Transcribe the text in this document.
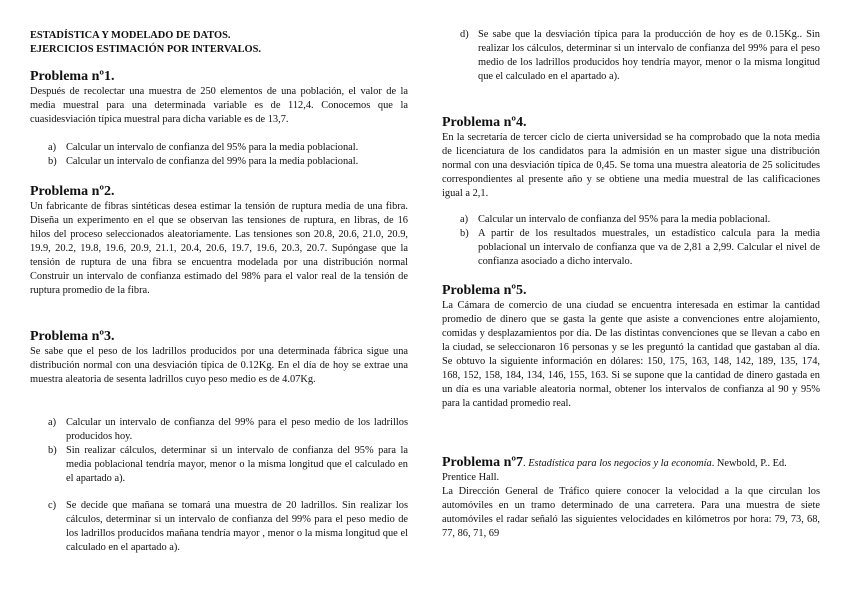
ESTADÍSTICA Y MODELADO DE DATOS.
EJERCICIOS ESTIMACIÓN POR INTERVALOS.
Problema nº1.

Después de recolectar una muestra de 250 elementos de una población, el valor de la media muestral para una determinada variable es de 112,4. Conocemos que la cuasidesviación típica muestral para dicha variable es de 13,7.

a) Calcular un intervalo de confianza del 95% para la media poblacional.
b) Calcular un intervalo de confianza del 99% para la media poblacional.
Problema nº2.

Un fabricante de fibras sintéticas desea estimar la tensión de ruptura media de una fibra. Diseña un experimento en el que se observan las tensiones de ruptura, en libras, de 16 hilos del proceso seleccionados aleatoriamente. Las tensiones son 20.8, 20.6, 21.0, 20.9, 19.9, 20.2, 19.8, 19.6, 20.9, 21.1, 20.4, 20.6, 19.7, 19.6, 20.3, 20.7. Supóngase que la tensión de ruptura de una fibra se encuentra modelada por una distribución normal Construir un intervalo de confianza estimado del 98% para el valor real de la tensión de ruptura promedio de la fibra.

Problema nº3.

Se sabe que el peso de los ladrillos producidos por una determinada fábrica sigue una distribución normal con una desviación típica de 0.12Kg. En el día de hoy se extrae una muestra aleatoria de sesenta ladrillos cuyo peso medio es de 4.07Kg.

a) Calcular un intervalo de confianza del 99% para el peso medio de los ladrillos producidos hoy.
b) Sin realizar cálculos, determinar si un intervalo de confianza del 95% para la media poblacional tendría mayor, menor o la misma longitud que el calculado en el apartado a).
c) Se decide que mañana se tomará una muestra de 20 ladrillos. Sin realizar los cálculos, determinar si un intervalo de confianza del 99% para el peso medio de los ladrillos producidos mañana tendría mayor , menor o la misma longitud que el calculado en el apartado a).
d) Se sabe que la desviación típica para la producción de hoy es de 0.15Kg.. Sin realizar los cálculos, determinar si un intervalo de confianza del 99% para el peso medio de los ladrillos producidos hoy tendría mayor, menor o la misma longitud que el calculado en el apartado a).
Problema nº4.

En la secretaría de tercer ciclo de cierta universidad se ha comprobado que la nota media de licenciatura de los candidatos para la admisión en un master sigue una distribución normal con una desviación típica de 0,45. Se toma una muestra aleatoria de 25 solicitudes correspondientes al presente año y se obtiene una media muestral de las calificaciones igual a 2,1.

a) Calcular un intervalo de confianza del 95% para la media poblacional.
b) A partir de los resultados muestrales, un estadístico calcula para la media poblacional un intervalo de confianza que va de 2,81 a 2,99. Calcular el nivel de confianza asociado a dicho intervalo.
Problema nº5.

La Cámara de comercio de una ciudad se encuentra interesada en estimar la cantidad promedio de dinero que se gasta la gente que asiste a convenciones entre alojamiento, comidas y desplazamientos por día. De las distintas convenciones que se llevan a cabo en la ciudad, se seleccionaron 16 personas y se les preguntó la cantidad que gastaban al día. Se obtuvo la siguiente información en dólares: 150, 175, 163, 148, 142, 189, 135, 174, 168, 152, 158, 184, 134, 146, 155, 163. Si se supone que la cantidad de dinero gastada en un día es una variable aleatoria normal, obtener los intervalos de confianza al 90 y 95% para la cantidad promedio real.

Problema nº7. Estadística para los negocios y la economía. Newbold, P.. Ed. Prentice Hall.

La Dirección General de Tráfico quiere conocer la velocidad a la que circulan los automóviles en un tramo determinado de una carretera. Para una muestra de siete automóviles el radar señaló las siguientes velocidades en kilómetros por hora: 79, 73, 68, 77, 86, 71, 69
